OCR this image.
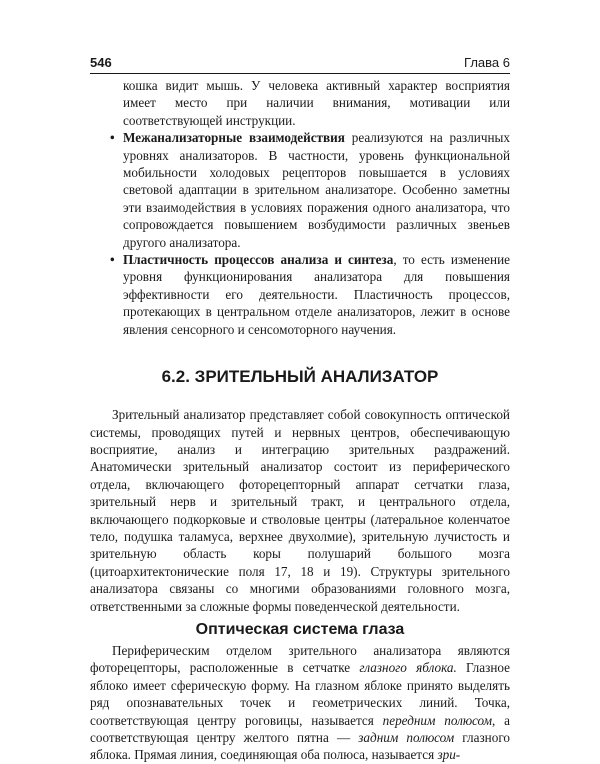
546	Глава 6

кошка видит мышь. У человека активный характер восприятия имеет место при наличии внимания, мотивации или соответствующей инструкции.

• Межанализаторные взаимодействия реализуются на различных уровнях анализаторов. В частности, уровень функциональной мобильности холодовых рецепторов повышается в условиях световой адаптации в зрительном анализаторе. Особенно заметны эти взаимодействия в условиях поражения одного анализатора, что сопровождается повышением возбудимости различных звеньев другого анализатора.

• Пластичность процессов анализа и синтеза, то есть изменение уровня функционирования анализатора для повышения эффективности его деятельности. Пластичность процессов, протекающих в центральном отделе анализаторов, лежит в основе явления сенсорного и сенсомоторного научения.

6.2. ЗРИТЕЛЬНЫЙ АНАЛИЗАТОР

Зрительный анализатор представляет собой совокупность оптической системы, проводящих путей и нервных центров, обеспечивающую восприятие, анализ и интеграцию зрительных раздражений. Анатомически зрительный анализатор состоит из периферического отдела, включающего фоторецепторный аппарат сетчатки глаза, зрительный нерв и зрительный тракт, и центрального отдела, включающего подкорковые и стволовые центры (латеральное коленчатое тело, подушка таламуса, верхнее двухолмие), зрительную лучистость и зрительную область коры полушарий большого мозга (цитоархитектонические поля 17, 18 и 19). Структуры зрительного анализатора связаны со многими образованиями головного мозга, ответственными за сложные формы поведенческой деятельности.

Оптическая система глаза

Периферическим отделом зрительного анализатора являются фоторецепторы, расположенные в сетчатке глазного яблока. Глазное яблоко имеет сферическую форму. На глазном яблоке принято выделять ряд опознавательных точек и геометрических линий. Точка, соответствующая центру роговицы, называется передним полюсом, а соответствующая центру желтого пятна — задним полюсом глазного яблока. Прямая линия, соединяющая оба полюса, называется зри-
